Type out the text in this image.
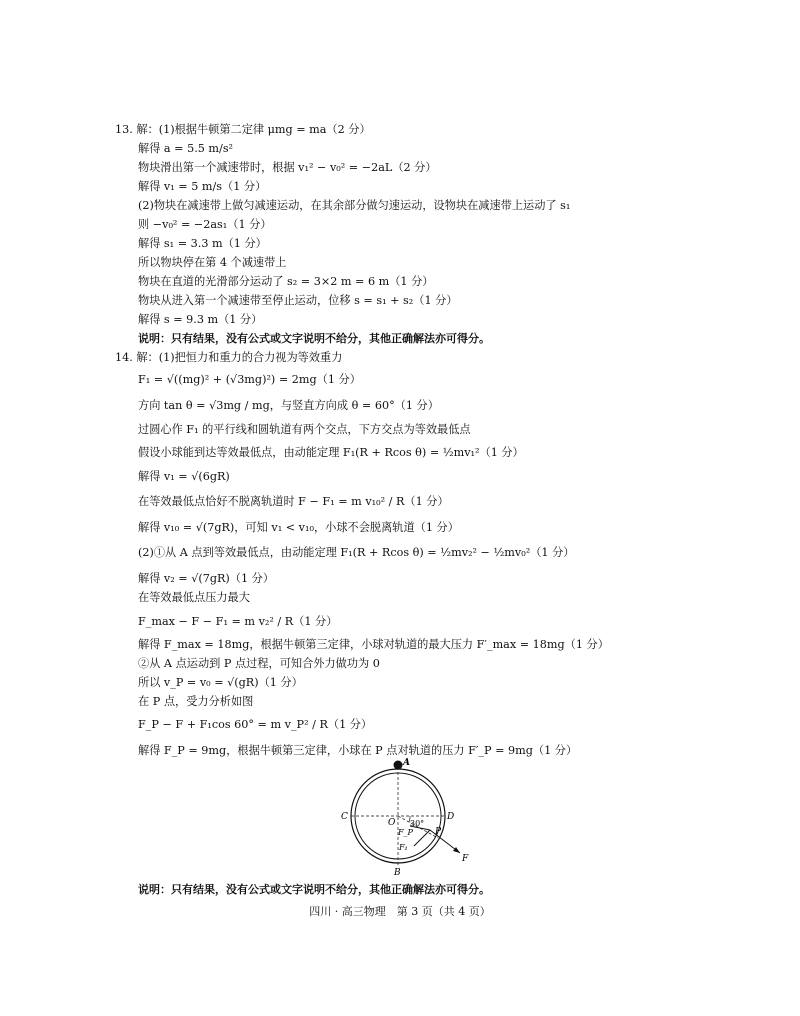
13. 解：(1)根据牛顿第二定律 μmg = ma（2 分）
解得 a = 5.5 m/s²
物块滑出第一个减速带时，根据 v₁² − v₀² = −2aL（2 分）
解得 v₁ = 5 m/s（1 分）
(2)物块在减速带上做匀减速运动，在其余部分做匀速运动，设物块在减速带上运动了 s₁
则 −v₀² = −2as₁（1 分）
解得 s₁ = 3.3 m（1 分）
所以物块停在第 4 个减速带上
物块在直道的光滑部分运动了 s₂ = 3×2 m = 6 m（1 分）
物块从进入第一个减速带至停止运动，位移 s = s₁ + s₂（1 分）
解得 s = 9.3 m（1 分）
说明：只有结果，没有公式或文字说明不给分，其他正确解法亦可得分。
14. 解：(1)把恒力和重力的合力视为等效重力
F₁ = √((mg)² + (√3mg)²) = 2mg（1 分）
方向 tan θ = √3mg / mg，与竖直方向成 θ = 60°（1 分）
过圆心作 F₁ 的平行线和圆轨道有两个交点，下方交点为等效最低点
假设小球能到达等效最低点，由动能定理 F₁(R + Rcos θ) = ½mv₁²（1 分）
解得 v₁ = √(6gR)
在等效最低点恰好不脱离轨道时 F − F₁ = m v₁₀² / R（1 分）
解得 v₁₀ = √(7gR)，可知 v₁ < v₁₀，小球不会脱离轨道（1 分）
(2)①从 A 点到等效最低点，由动能定理 F₁(R + Rcos θ) = ½mv₂² − ½mv₀²（1 分）
解得 v₂ = √(7gR)（1 分）
在等效最低点压力最大
F_max − F − F₁ = m v₂² / R（1 分）
解得 F_max = 18mg，根据牛顿第三定律，小球对轨道的最大压力 F′_max = 18mg（1 分）
②从 A 点运动到 P 点过程，可知合外力做功为 0
所以 v_P = v₀ = √(gR)（1 分）
在 P 点，受力分析如图
F_P − F + F₁cos 60° = m v_P² / R（1 分）
解得 F_P = 9mg，根据牛顿第三定律，小球在 P 点对轨道的压力 F′_P = 9mg（1 分）
说明：只有结果，没有公式或文字说明不给分，其他正确解法亦可得分。
A
B
C	D
O
P
F
F_P
F₁
30°
四川 · 高三物理　第 3 页（共 4 页）
